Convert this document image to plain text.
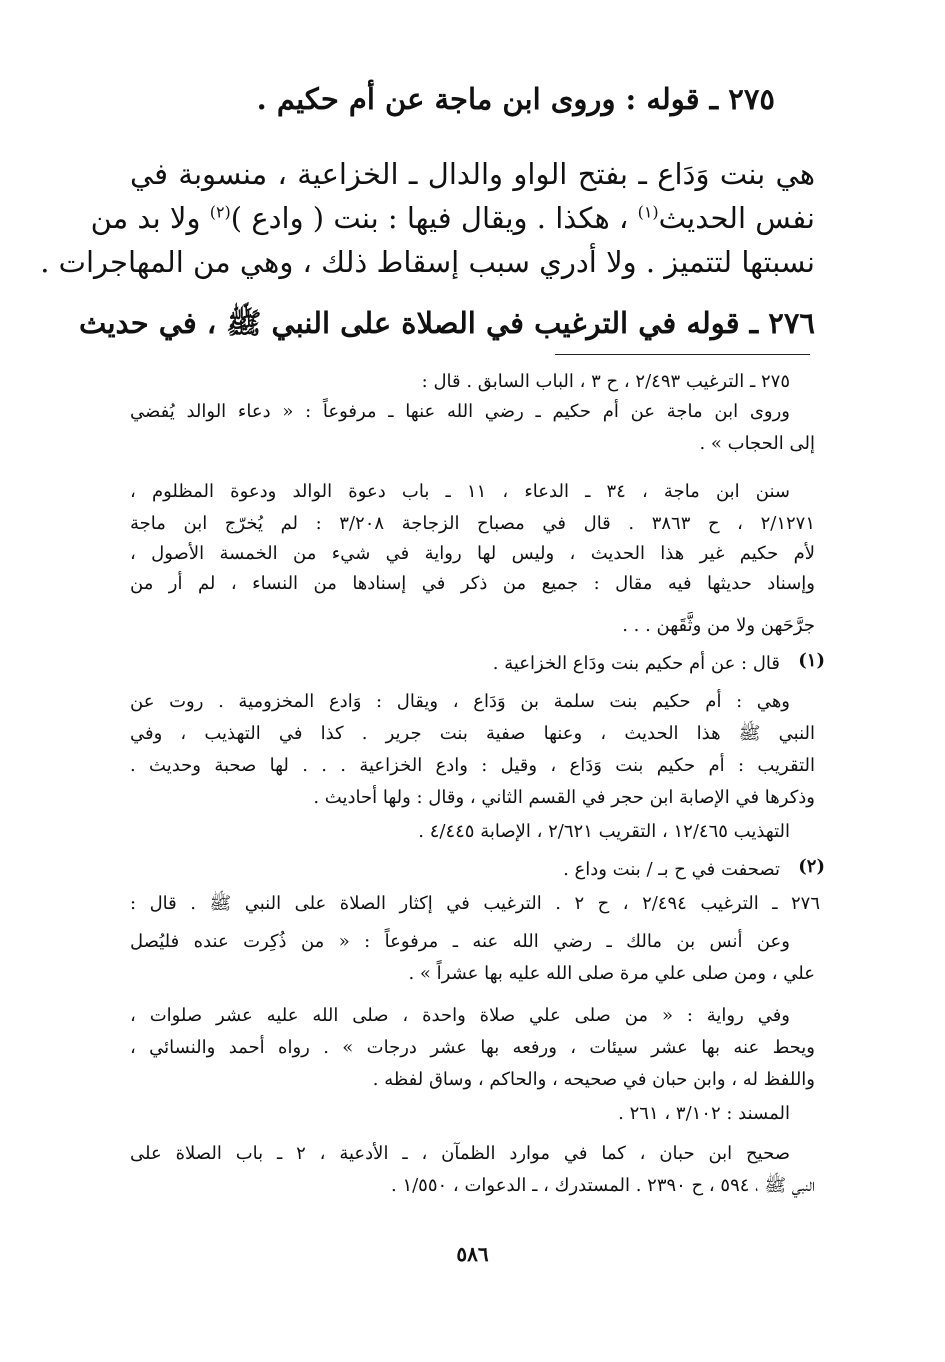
٢٧٥ ـ قوله : وروى ابن ماجة عن أم حكيم .
هي بنت وَدَاع ـ بفتح الواو والدال ـ الخزاعية ، منسوبة في
نفس الحديث$^{(١)}$ ، هكذا . ويقال فيها : بنت ( وادع )$^{(٢)}$ ولا بد من
نسبتها لتتميز . ولا أدري سبب إسقاط ذلك ، وهي من المهاجرات .
٢٧٦ ـ قوله في الترغيب في الصلاة على النبي ﷺ ، في حديث
٢٧٥ ـ الترغيب ٢/٤٩٣ ، ح ٣ ، الباب السابق . قال :
وروى ابن ماجة عن أم حكيم ـ رضي الله عنها ـ مرفوعاً : « دعاء الوالد يُفضي
إلى الحجاب » .
سنن ابن ماجة ، ٣٤ ـ الدعاء ، ١١ ـ باب دعوة الوالد ودعوة المظلوم ،
٢/١٢٧١ ، ح ٣٨٦٣ . قال في مصباح الزجاجة ٣/٢٠٨ : لم يُخرّج ابن ماجة
لأم حكيم غير هذا الحديث ، وليس لها رواية في شيء من الخمسة الأصول ،
وإسناد حديثها فيه مقال : جميع من ذكر في إسنادها من النساء ، لم أر من
جرَّحَهن ولا من وثَّقَهن . . .
(١)
قال : عن أم حكيم بنت ودَاع الخزاعية .
وهي : أم حكيم بنت سلمة بن وَدَاع ، ويقال : وَادع المخزومية . روت عن
النبي ﷺ هذا الحديث ، وعنها صفية بنت جرير . كذا في التهذيب ، وفي
التقريب : أم حكيم بنت وَدَاع ، وقيل : وادع الخزاعية . . . لها صحبة وحديث .
وذكرها في الإصابة ابن حجر في القسم الثاني ، وقال : ولها أحاديث .
التهذيب ١٢/٤٦٥ ، التقريب ٢/٦٢١ ، الإصابة ٤/٤٤٥ .
(٢)
تصحفت في ح بـ / بنت وداع .
٢٧٦ ـ الترغيب ٢/٤٩٤ ، ح ٢ . الترغيب في إكثار الصلاة على النبي ﷺ . قال :
وعن أنس بن مالك ـ رضي الله عنه ـ مرفوعاً : « من ذُكِرت عنده فليُصل
علي ، ومن صلى علي مرة صلى الله عليه بها عشراً » .
وفي رواية : « من صلى علي صلاة واحدة ، صلى الله عليه عشر صلوات ،
ويحط عنه بها عشر سيئات ، ورفعه بها عشر درجات » . رواه أحمد والنسائي ،
واللفظ له ، وابن حبان في صحيحه ، والحاكم ، وساق لفظه .
المسند : ٣/١٠٢ ، ٢٦١ .
صحيح ابن حبان ، كما في موارد الظمآن ، ـ الأدعية ، ٢ ـ باب الصلاة على
النبي ﷺ ، ٥٩٤ ، ح ٢٣٩٠ . المستدرك ، ـ الدعوات ، ١/٥٥٠ .
٥٨٦
